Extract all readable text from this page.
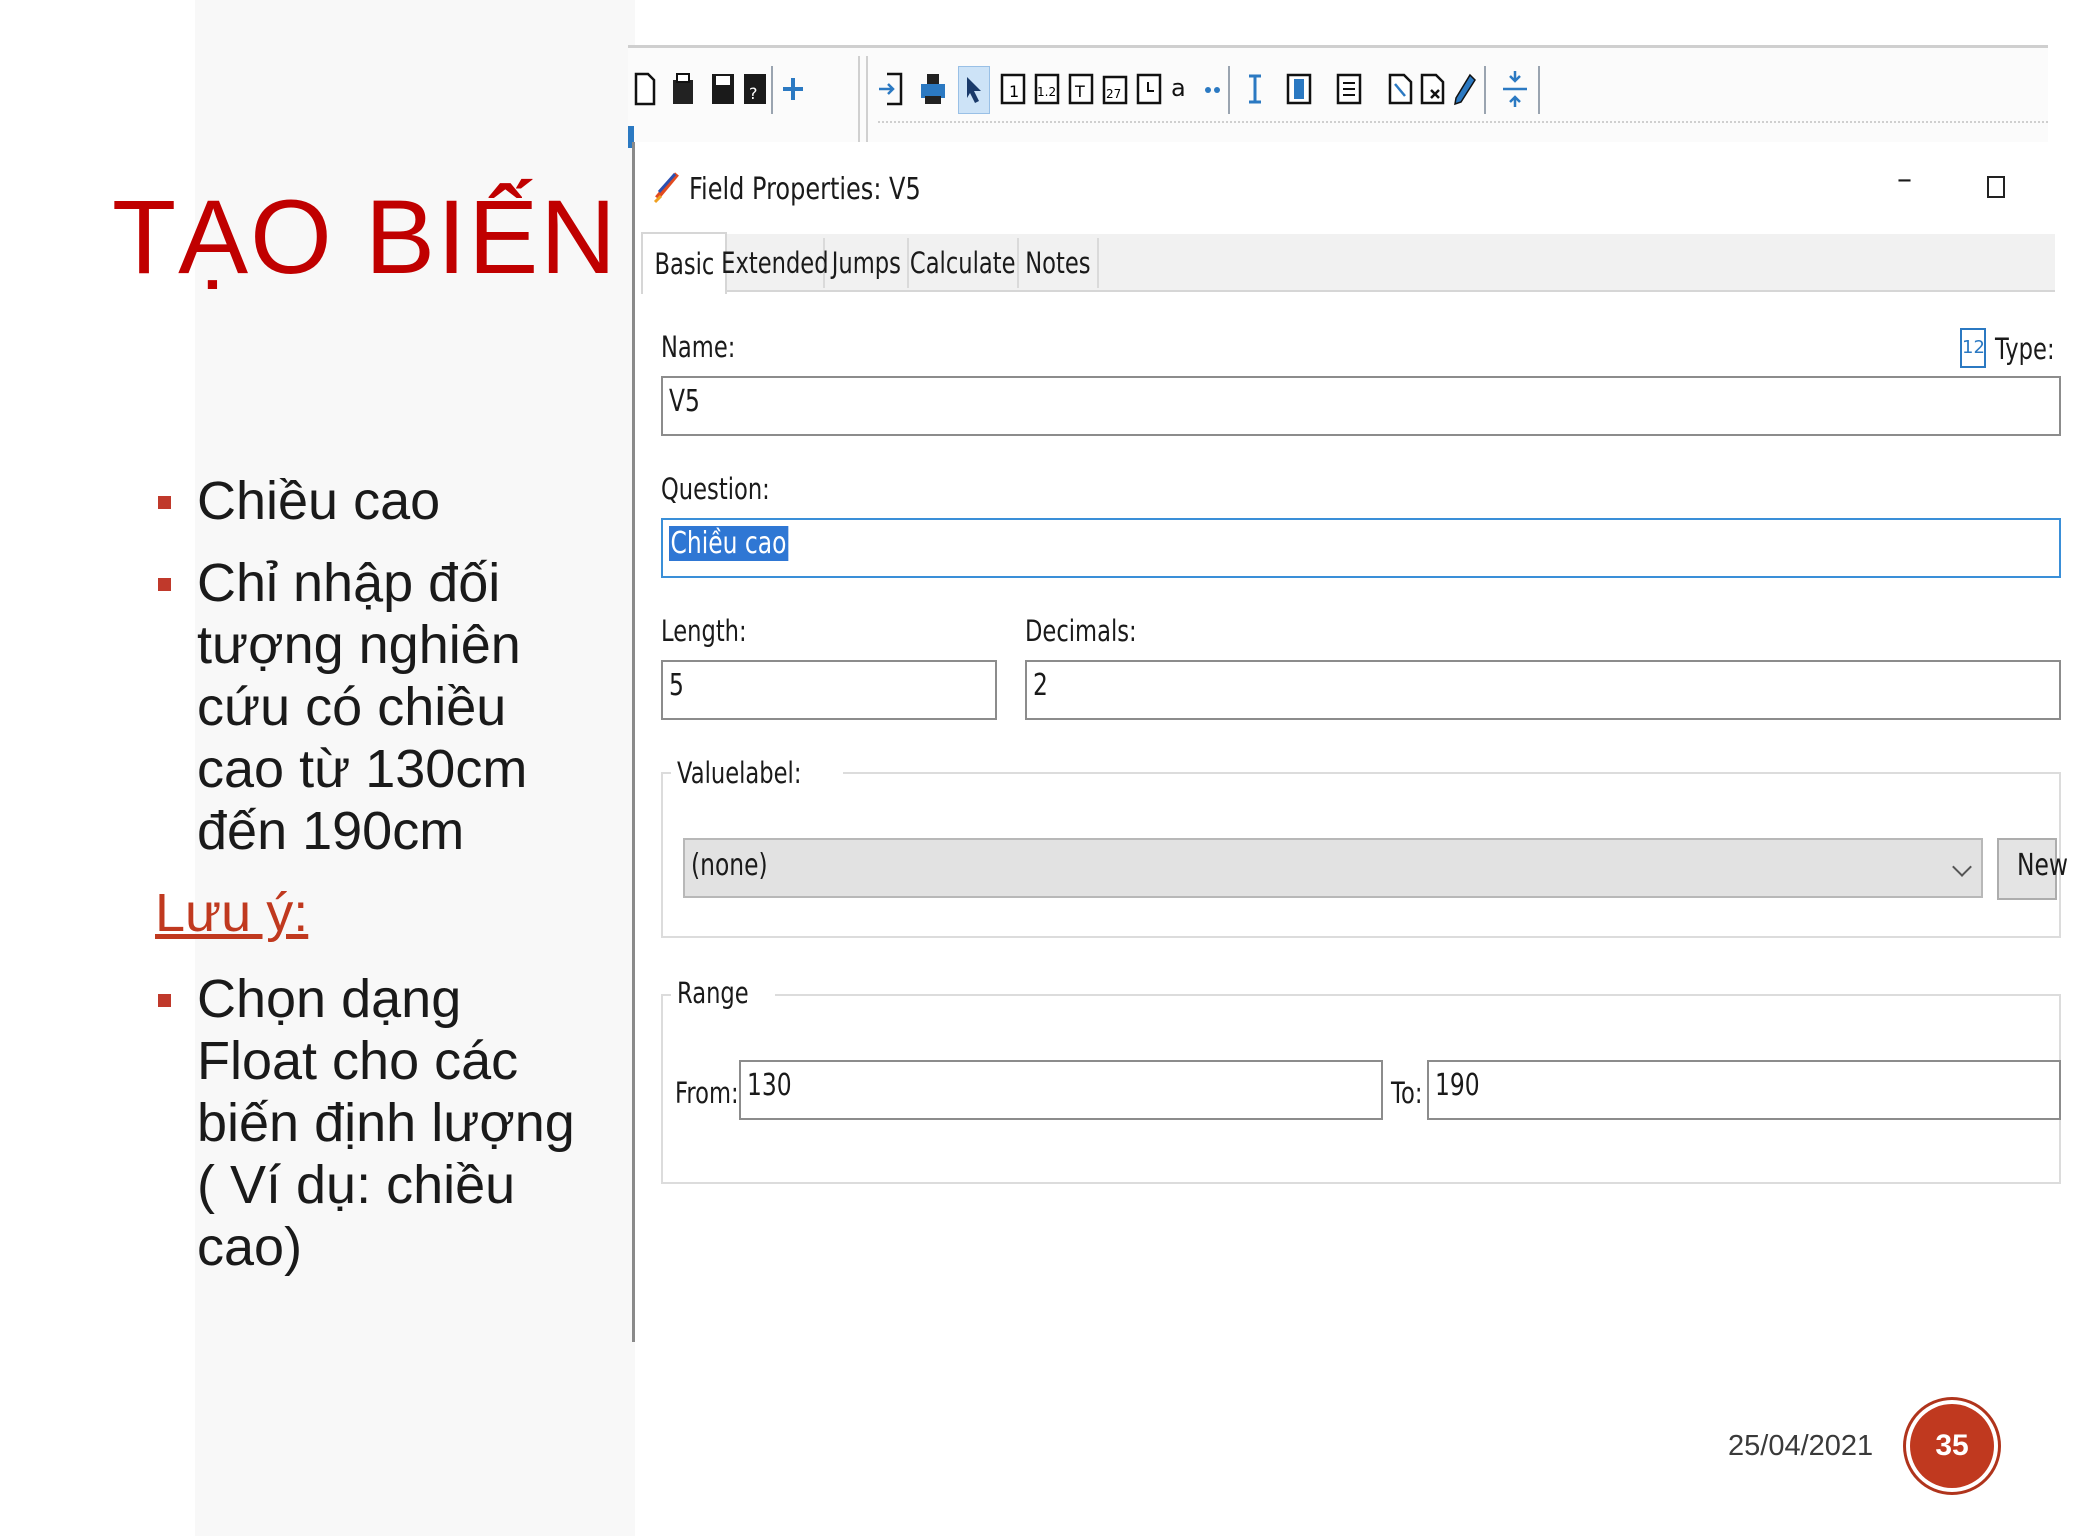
TẠO BIẾN
Chiều cao
Chỉ nhập đối tượng nghiên cứu có chiều cao từ 130cm đến 190cm
Lưu ý:
Chọn dạng Float cho các biến định lượng ( Ví dụ: chiều cao)
?	1 1.2 T 27 a
Field Properties: V5	–
Basic Extended Jumps Calculate Notes
Name:	12 Type:
V5
Question:
Chiều cao
Length:
5
Decimals:
2
Valuelabel:
(none)	New
Range
From: 130	To: 190
25/04/2021	35
